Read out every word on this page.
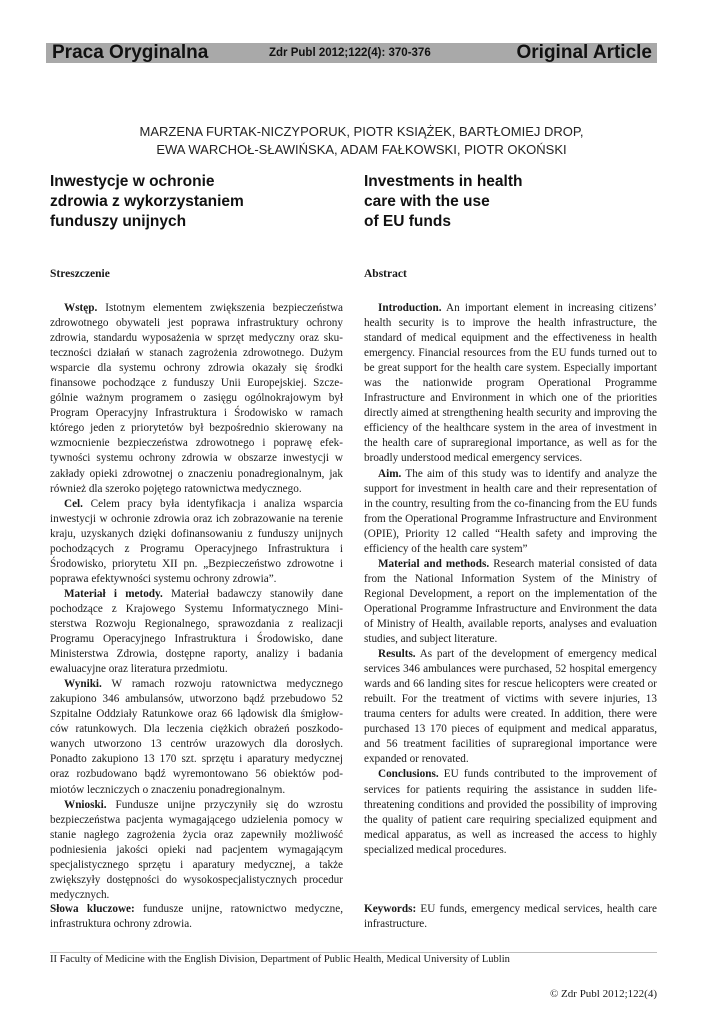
Praca Oryginalna	Zdr Publ 2012;122(4): 370-376	Original Article
MARZENA FURTAK-NICZYPORUK, PIOTR KSIĄŻEK, BARTŁOMIEJ DROP,
EWA WARCHOŁ-SŁAWIŃSKA, ADAM FAŁKOWSKI, PIOTR OKOŃSKI
Inwestycje w ochronie
zdrowia z wykorzystaniem
funduszy unijnych
Investments in health
care with the use
of EU funds
Streszczenie	Abstract

Wstęp. Istotnym elementem zwiększenia bezpieczeństwa zdrowotnego obywateli jest poprawa infrastruktury ochrony zdrowia, standardu wyposażenia w sprzęt medyczny oraz skuteczności działań w stanach zagrożenia zdrowotnego. Dużym wsparcie dla systemu ochrony zdrowia okazały się środki finansowe pochodzące z funduszy Unii Europejskiej. Szczególnie ważnym programem o zasięgu ogólnokrajowym był Program Operacyjny Infrastruktura i Środowisko w ramach którego jeden z priorytetów był bezpośrednio skierowany na wzmocnienie bezpieczeństwa zdrowotnego i poprawę efektywności systemu ochrony zdrowia w obszarze inwestycji w zakłady opieki zdrowotnej o znaczeniu ponadregionalnym, jak również dla szeroko pojętego ratownictwa medycznego.

Cel. Celem pracy była identyfikacja i analiza wsparcia inwestycji w ochronie zdrowia oraz ich zobrazowanie na terenie kraju, uzyskanych dzięki dofinansowaniu z funduszy unijnych pochodzących z Programu Operacyjnego Infrastruktura i Środowisko, priorytetu XII pn. „Bezpieczeństwo zdrowotne i poprawa efektywności systemu ochrony zdrowia”.

Materiał i metody. Materiał badawczy stanowiły dane pochodzące z Krajowego Systemu Informatycznego Ministerstwa Rozwoju Regionalnego, sprawozdania z realizacji Programu Operacyjnego Infrastruktura i Środowisko, dane Ministerstwa Zdrowia, dostępne raporty, analizy i badania ewaluacyjne oraz literatura przedmiotu.

Wyniki. W ramach rozwoju ratownictwa medycznego zakupiono 346 ambulansów, utworzono bądź przebudowo 52 Szpitalne Oddziały Ratunkowe oraz 66 lądowisk dla śmigłowców ratunkowych. Dla leczenia ciężkich obrażeń poszkodowanych utworzono 13 centrów urazowych dla dorosłych. Ponadto zakupiono 13 170 szt. sprzętu i aparatury medycznej oraz rozbudowano bądź wyremontowano 56 obiektów podmiotów leczniczych o znaczeniu ponadregionalnym.

Wnioski. Fundusze unijne przyczyniły się do wzrostu bezpieczeństwa pacjenta wymagającego udzielenia pomocy w stanie nagłego zagrożenia życia oraz zapewniły możliwość podniesienia jakości opieki nad pacjentem wymagającym specjalistycznego sprzętu i aparatury medycznej, a także zwiększyły dostępności do wysokospecjalistycznych procedur medycznych.

Introduction. An important element in increasing citizens’ health security is to improve the health infrastructure, the standard of medical equipment and the effectiveness in health emergency. Financial resources from the EU funds turned out to be great support for the health care system. Especially important was the nationwide program Operational Programme Infrastructure and Environment in which one of the priorities directly aimed at strengthening health security and improving the efficiency of the healthcare system in the area of investment in the health care of supraregional importance, as well as for the broadly understood medical emergency services.

Aim. The aim of this study was to identify and analyze the support for investment in health care and their representation of in the country, resulting from the co-financing from the EU funds from the Operational Programme Infrastructure and Environment (OPIE), Priority 12 called “Health safety and improving the efficiency of the health care system”

Material and methods. Research material consisted of data from the National Information System of the Ministry of Regional Development, a report on the implementation of the Operational Programme Infrastructure and Environment the data of Ministry of Health, available reports, analyses and evaluation studies, and subject literature.

Results. As part of the development of emergency medical services 346 ambulances were purchased, 52 hospital emergency wards and 66 landing sites for rescue helicopters were created or rebuilt. For the treatment of victims with severe injuries, 13 trauma centers for adults were created. In addition, there were purchased 13 170 pieces of equipment and medical apparatus, and 56 treatment facilities of supraregional importance were expanded or renovated.

Conclusions. EU funds contributed to the improvement of services for patients requiring the assistance in sudden life-threatening conditions and provided the possibility of improving the quality of patient care requiring specialized equipment and medical apparatus, as well as increased the access to highly specialized medical procedures.

Słowa kluczowe: fundusze unijne, ratownictwo medyczne, infrastruktura ochrony zdrowia.
Keywords: EU funds, emergency medical services, health care infrastructure.
II Faculty of Medicine with the English Division, Department of Public Health, Medical University of Lublin
© Zdr Publ 2012;122(4)
